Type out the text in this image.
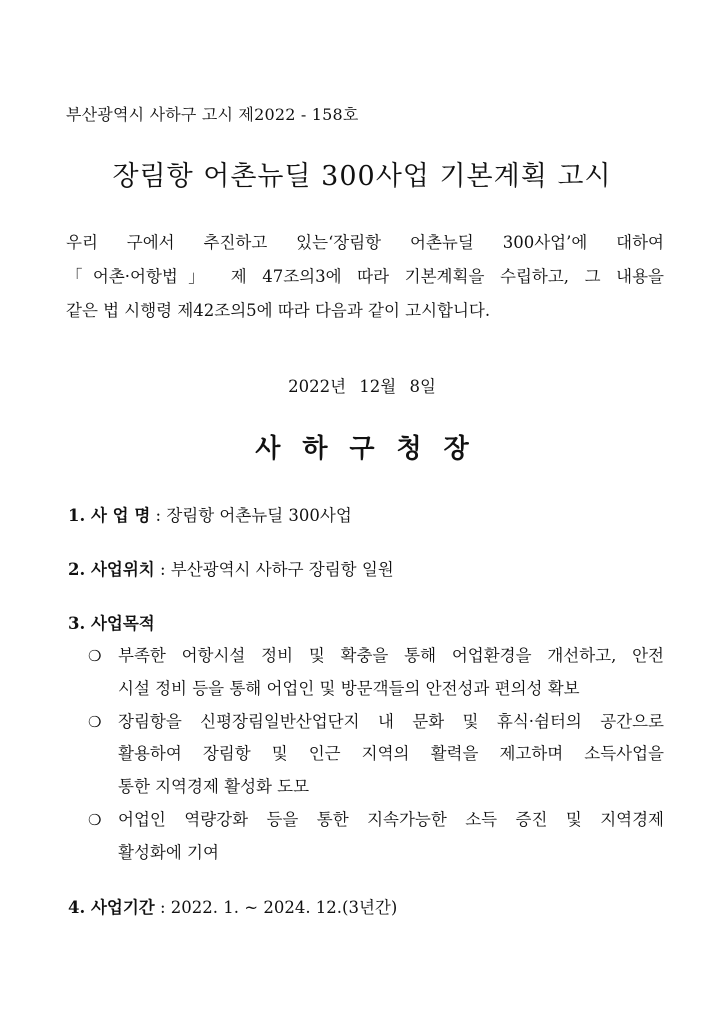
부산광역시 사하구 고시 제2022 - 158호
장림항 어촌뉴딜 300사업 기본계획 고시

우리 구에서 추진하고 있는‘장림항 어촌뉴딜 300사업’에 대하여

「어촌·어항법」 제 47조의3에 따라 기본계획을 수립하고, 그 내용을

같은 법 시행령 제42조의5에 따라 다음과 같이 고시합니다.

2022년 12월 8일
사하구청장
1. 사 업 명 : 장림항 어촌뉴딜 300사업
2. 사업위치 : 부산광역시 사하구 장림항 일원
3. 사업목적
❍	부족한 어항시설 정비 및 확충을 통해 어업환경을 개선하고, 안전
시설 정비 등을 통해 어업인 및 방문객들의 안전성과 편의성 확보
❍	장림항을 신평장림일반산업단지 내 문화 및 휴식·쉼터의 공간으로
활용하여 장림항 및 인근 지역의 활력을 제고하며 소득사업을
통한 지역경제 활성화 도모
❍	어업인 역량강화 등을 통한 지속가능한 소득 증진 및 지역경제
활성화에 기여
4. 사업기간 : 2022. 1. ~ 2024. 12.(3년간)
